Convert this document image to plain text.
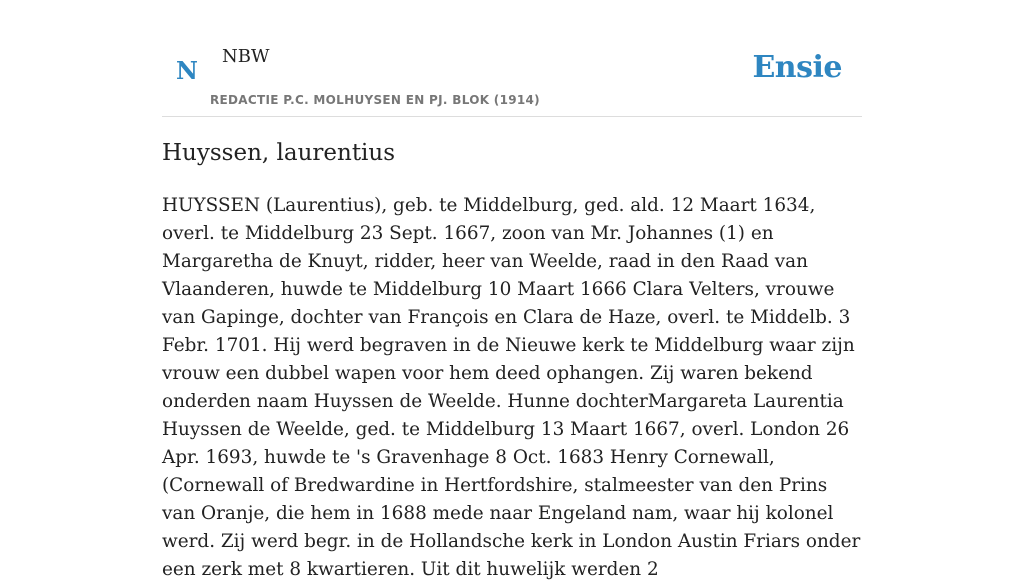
N NBW
REDACTIE P.C. MOLHUYSEN EN PJ. BLOK (1914)
Ensie
Huyssen, laurentius

HUYSSEN (Laurentius), geb. te Middelburg, ged. ald. 12 Maart 1634, overl. te Middelburg 23 Sept. 1667, zoon van Mr. Johannes (1) en Margaretha de Knuyt, ridder, heer van Weelde, raad in den Raad van Vlaanderen, huwde te Middelburg 10 Maart 1666 Clara Velters, vrouwe van Gapinge, dochter van François en Clara de Haze, overl. te Middelb. 3 Febr. 1701. Hij werd begraven in de Nieuwe kerk te Middelburg waar zijn vrouw een dubbel wapen voor hem deed ophangen. Zij waren bekend onderden naam Huyssen de Weelde. Hunne dochterMargareta Laurentia Huyssen de Weelde, ged. te Middelburg 13 Maart 1667, overl. London 26 Apr. 1693, huwde te 's Gravenhage 8 Oct. 1683 Henry Cornewall, (Cornewall of Bredwardine in Hertfordshire, stalmeester van den Prins van Oranje, die hem in 1688 mede naar Engeland nam, waar hij kolonel werd. Zij werd begr. in de Hollandsche kerk in London Austin Friars onder een zerk met 8 kwartieren. Uit dit huwelijk werden 2
